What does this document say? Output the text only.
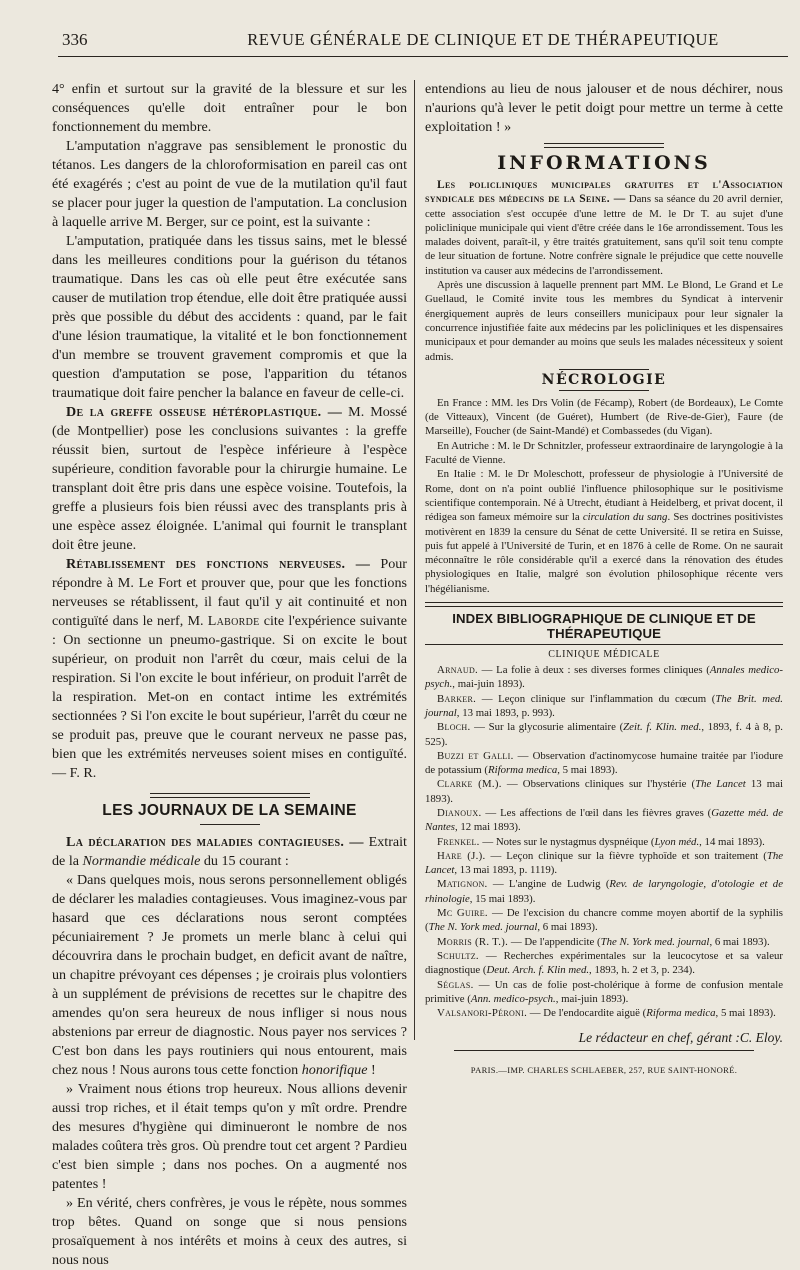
336	REVUE GÉNÉRALE DE CLINIQUE ET DE THÉRAPEUTIQUE

4° enfin et surtout sur la gravité de la blessure et sur les conséquences qu'elle doit entraîner pour le bon fonctionnement du membre.

L'amputation n'aggrave pas sensiblement le pronostic du tétanos. Les dangers de la chloroformisation en pareil cas ont été exagérés ; c'est au point de vue de la mutilation qu'il faut se placer pour juger la question de l'amputation. La conclusion à laquelle arrive M. Berger, sur ce point, est la suivante :

L'amputation, pratiquée dans les tissus sains, met le blessé dans les meilleures conditions pour la guérison du tétanos traumatique. Dans les cas où elle peut être exécutée sans causer de mutilation trop étendue, elle doit être pratiquée aussi près que possible du début des accidents : quand, par le fait d'une lésion traumatique, la vitalité et le bon fonctionnement d'un membre se trouvent gravement compromis et que la question d'amputation se pose, l'apparition du tétanos traumatique doit faire pencher la balance en faveur de celle-ci.

De la greffe osseuse hétéroplastique. — M. Mossé (de Montpellier) pose les conclusions suivantes : la greffe réussit bien, surtout de l'espèce inférieure à l'espèce supérieure, condition favorable pour la chirurgie humaine. Le transplant doit être pris dans une espèce voisine. Toutefois, la greffe a plusieurs fois bien réussi avec des transplants pris à une espèce assez éloignée. L'animal qui fournit le transplant doit être jeune.

Rétablissement des fonctions nerveuses. — Pour répondre à M. Le Fort et prouver que, pour que les fonctions nerveuses se rétablissent, il faut qu'il y ait continuité et non contiguïté dans le nerf, M. Laborde cite l'expérience suivante : On sectionne un pneumo-gastrique. Si on excite le bout supérieur, on produit non l'arrêt du cœur, mais celui de la respiration. Si l'on excite le bout inférieur, on produit l'arrêt de la respiration. Met-on en contact intime les extrémités sectionnées ? Si l'on excite le bout supérieur, l'arrêt du cœur ne se produit pas, preuve que le courant nerveux ne passe pas, bien que les extrémités nerveuses soient mises en contiguïté. — F. R.

LES JOURNAUX DE LA SEMAINE

La déclaration des maladies contagieuses. — Extrait de la Normandie médicale du 15 courant :

« Dans quelques mois, nous serons personnellement obligés de déclarer les maladies contagieuses. Vous imaginez-vous par hasard que ces déclarations nous seront comptées pécuniairement ? Je promets un merle blanc à celui qui découvrira dans le prochain budget, en deficit avant de naître, un chapitre prévoyant ces dépenses ; je croirais plus volontiers à un supplément de prévisions de recettes sur le chapitre des amendes qu'on sera heureux de nous infliger si nous nous abstenions par erreur de diagnostic. Nous payer nos services ? C'est bon dans les pays routiniers qui nous entourent, mais chez nous ! Nous aurons tous cette fonction honorifique !

» Vraiment nous étions trop heureux. Nous allions devenir aussi trop riches, et il était temps qu'on y mît ordre. Prendre des mesures d'hygiène qui diminueront le nombre de nos malades coûtera très gros. Où prendre tout cet argent ? Pardieu c'est bien simple ; dans nos poches. On a augmenté nos patentes !

» En vérité, chers confrères, je vous le répète, nous sommes trop bêtes. Quand on songe que si nous pensions prosaïquement à nos intérêts et moins à ceux des autres, si nous nous

entendions au lieu de nous jalouser et de nous déchirer, nous n'aurions qu'à lever le petit doigt pour mettre un terme à cette exploitation ! »

INFORMATIONS

Les policliniques municipales gratuites et l'Association syndicale des médecins de la Seine. — Dans sa séance du 20 avril dernier, cette association s'est occupée d'une lettre de M. le Dr T. au sujet d'une policlinique municipale qui vient d'être créée dans le 16e arrondissement. Tous les malades doivent, paraît-il, y être traités gratuitement, sans qu'il soit tenu compte de leur situation de fortune. Notre confrère signale le préjudice que cette nouvelle institution va causer aux médecins de l'arrondissement.

Après une discussion à laquelle prennent part MM. Le Blond, Le Grand et Le Guellaud, le Comité invite tous les membres du Syndicat à intervenir énergiquement auprès de leurs conseillers municipaux pour leur signaler la concurrence injustifiée faite aux médecins par les policliniques et les dispensaires municipaux et pour demander au moins que seuls les malades nécessiteux y soient admis.

NÉCROLOGIE

En France : MM. les Drs Volin (de Fécamp), Robert (de Bordeaux), Le Comte (de Vitteaux), Vincent (de Guéret), Humbert (de Rive-de-Gier), Faure (de Marseille), Foucher (de Saint-Mandé) et Combassedes (du Vigan).

En Autriche : M. le Dr Schnitzler, professeur extraordinaire de laryngologie à la Faculté de Vienne.

En Italie : M. le Dr Moleschott, professeur de physiologie à l'Université de Rome, dont on n'a point oublié l'influence philosophique sur le positivisme scientifique contemporain. Né à Utrecht, étudiant à Heidelberg, et privat docent, il rédigea son fameux mémoire sur la circulation du sang. Ses doctrines positivistes motivèrent en 1839 la censure du Sénat de cette Université. Il se retira en Suisse, puis fut appelé à l'Université de Turin, et en 1876 à celle de Rome. On ne saurait méconnaître le rôle considérable qu'il a exercé dans la rénovation des études physiologiques en Italie, malgré son évolution philosophique récente vers l'hégélianisme.

INDEX BIBLIOGRAPHIQUE DE CLINIQUE ET DE THÉRAPEUTIQUE
CLINIQUE MÉDICALE

Arnaud. — La folie à deux : ses diverses formes cliniques (Annales medico-psych., mai-juin 1893).

Barker. — Leçon clinique sur l'inflammation du cœcum (The Brit. med. journal, 13 mai 1893, p. 993).

Bloch. — Sur la glycosurie alimentaire (Zeit. f. Klin. med., 1893, f. 4 à 8, p. 525).

Buzzi et Galli. — Observation d'actinomycose humaine traitée par l'iodure de potassium (Riforma medica, 5 mai 1893).

Clarke (M.). — Observations cliniques sur l'hystérie (The Lancet 13 mai 1893).

Dianoux. — Les affections de l'œil dans les fièvres graves (Gazette méd. de Nantes, 12 mai 1893).

Frenkel. — Notes sur le nystagmus dyspnéique (Lyon méd., 14 mai 1893).

Hare (J.). — Leçon clinique sur la fièvre typhoïde et son traitement (The Lancet, 13 mai 1893, p. 1119).

Matignon. — L'angine de Ludwig (Rev. de laryngologie, d'otologie et de rhinologie, 15 mai 1893).

Mc Guire. — De l'excision du chancre comme moyen abortif de la syphilis (The N. York med. journal, 6 mai 1893).

Morris (R. T.). — De l'appendicite (The N. York med. journal, 6 mai 1893).

Schultz. — Recherches expérimentales sur la leucocytose et sa valeur diagnostique (Deut. Arch. f. Klin med., 1893, h. 2 et 3, p. 234).

Séglas. — Un cas de folie post-cholérique à forme de confusion mentale primitive (Ann. medico-psych., mai-juin 1893).

Valsanori-Péroni. — De l'endocardite aiguë (Riforma medica, 5 mai 1893).

Le rédacteur en chef, gérant :C. Eloy.
PARIS.—IMP. CHARLES SCHLAEBER, 257, RUE SAINT-HONORÉ.
